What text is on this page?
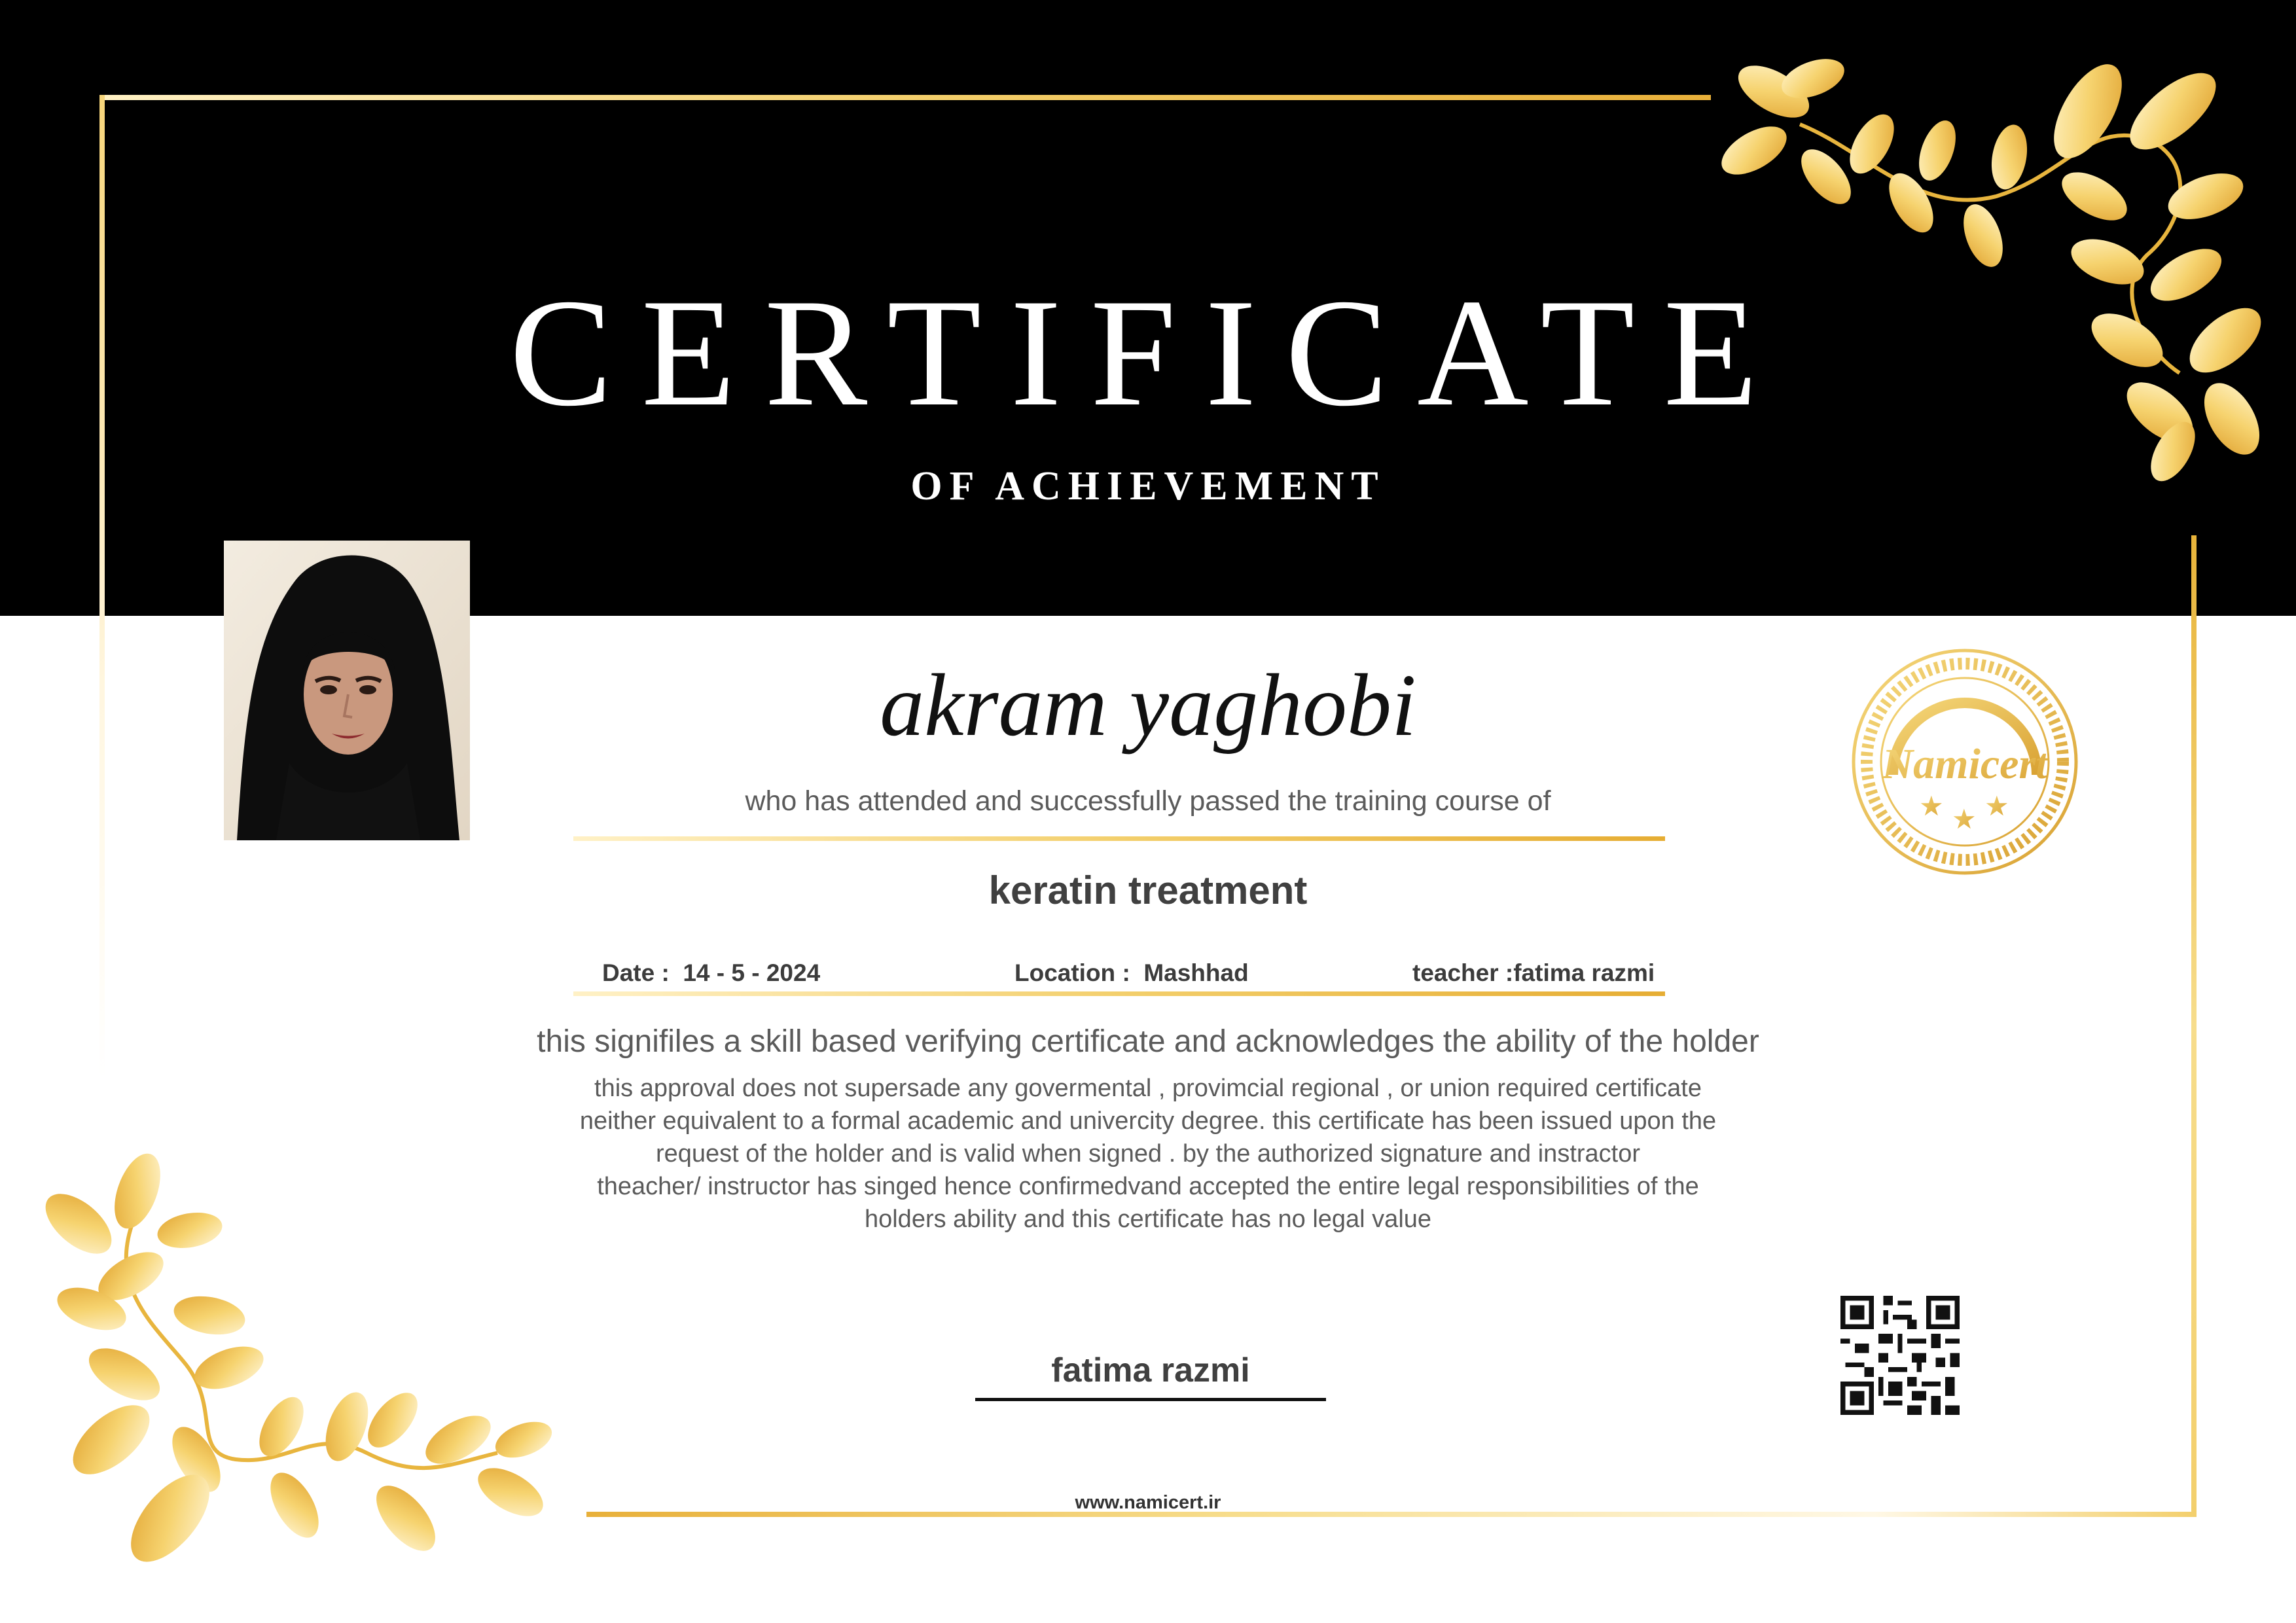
CERTIFICATE
OF ACHIEVEMENT
akram yaghobi
who has attended and successfully passed the training course of
keratin treatment
Date :  14 - 5 - 2024	Location :  Mashhad	teacher :fatima razmi
this signifiles a skill based verifying certificate and acknowledges the ability of the holder
this approval does not supersade any govermental , provimcial regional , or union required certificate
neither equivalent to a formal academic and univercity degree. this certificate has been issued upon the
request of the holder and is valid when signed . by the authorized signature and instractor
theacher/ instructor has singed hence confirmedvand accepted the entire legal responsibilities of the
holders ability and this certificate has no legal value
fatima razmi
www.namicert.ir
Namicert
★ ★ ★
